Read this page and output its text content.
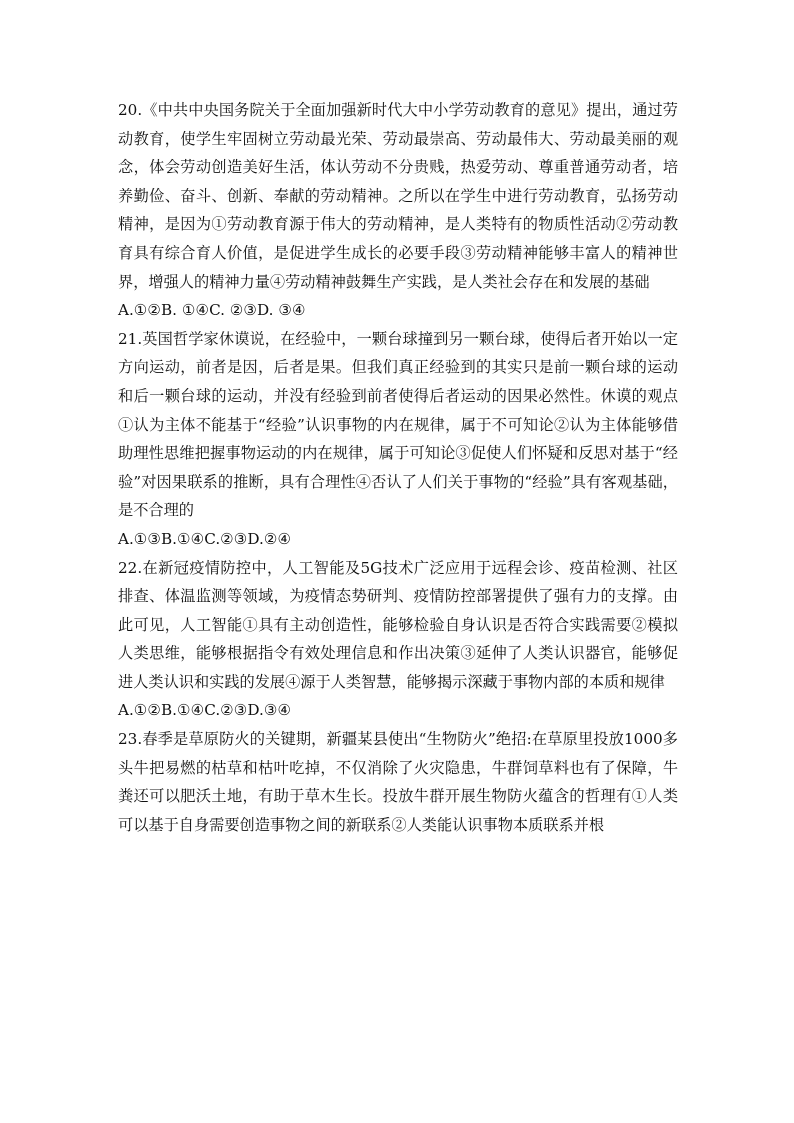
20.《中共中央国务院关于全面加强新时代大中小学劳动教育的意见》提出，通过劳动教育，使学生牢固树立劳动最光荣、劳动最崇高、劳动最伟大、劳动最美丽的观念，体会劳动创造美好生活，体认劳动不分贵贱，热爱劳动、尊重普通劳动者，培养勤俭、奋斗、创新、奉献的劳动精神。之所以在学生中进行劳动教育，弘扬劳动精神，是因为①劳动教育源于伟大的劳动精神，是人类特有的物质性活动②劳动教育具有综合育人价值，是促进学生成长的必要手段③劳动精神能够丰富人的精神世界，增强人的精神力量④劳动精神鼓舞生产实践，是人类社会存在和发展的基础

A.①②B. ①④C. ②③D. ③④

21.英国哲学家休谟说，在经验中，一颗台球撞到另一颗台球，使得后者开始以一定方向运动，前者是因，后者是果。但我们真正经验到的其实只是前一颗台球的运动和后一颗台球的运动，并没有经验到前者使得后者运动的因果必然性。休谟的观点①认为主体不能基于“经验”认识事物的内在规律，属于不可知论②认为主体能够借助理性思维把握事物运动的内在规律，属于可知论③促使人们怀疑和反思对基于“经验”对因果联系的推断，具有合理性④否认了人们关于事物的“经验”具有客观基础，是不合理的

A.①③B.①④C.②③D.②④

22.在新冠疫情防控中，人工智能及5G技术广泛应用于远程会诊、疫苗检测、社区排查、体温监测等领域，为疫情态势研判、疫情防控部署提供了强有力的支撑。由此可见，人工智能①具有主动创造性，能够检验自身认识是否符合实践需要②模拟人类思维，能够根据指令有效处理信息和作出决策③延伸了人类认识器官，能够促进人类认识和实践的发展④源于人类智慧，能够揭示深藏于事物内部的本质和规律

A.①②B.①④C.②③D.③④

23.春季是草原防火的关键期，新疆某县使出“生物防火”绝招:在草原里投放1000多头牛把易燃的枯草和枯叶吃掉，不仅消除了火灾隐患，牛群饲草料也有了保障，牛粪还可以肥沃土地，有助于草木生长。投放牛群开展生物防火蕴含的哲理有①人类可以基于自身需要创造事物之间的新联系②人类能认识事物本质联系并根
